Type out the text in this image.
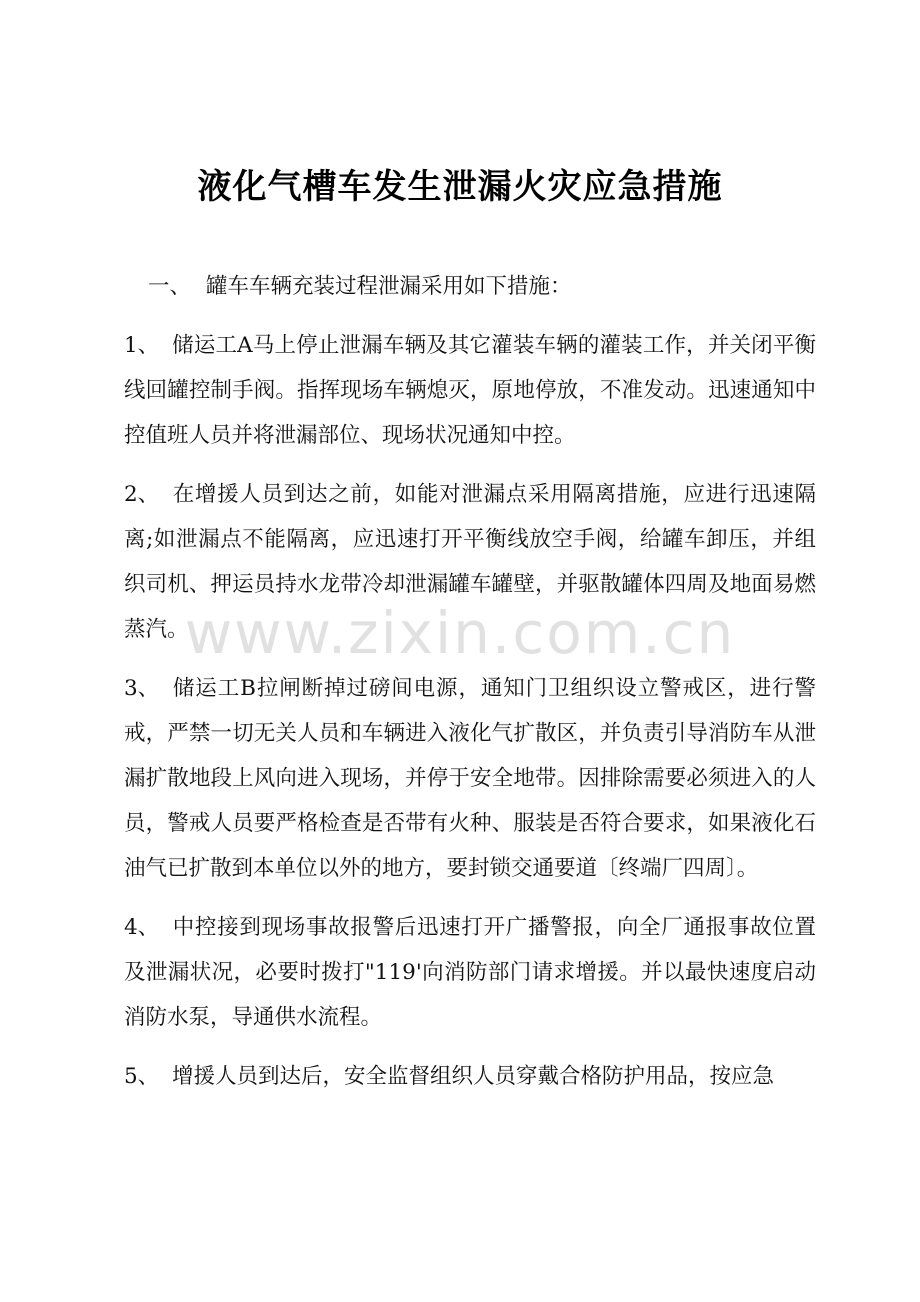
液化气槽车发生泄漏火灾应急措施

一、 罐车车辆充装过程泄漏采用如下措施：

1、 储运工A马上停止泄漏车辆及其它灌装车辆的灌装工作，并关闭平衡线回罐控制手阀。指挥现场车辆熄灭，原地停放，不准发动。迅速通知中控值班人员并将泄漏部位、现场状况通知中控。

2、 在增援人员到达之前，如能对泄漏点采用隔离措施，应进行迅速隔离;如泄漏点不能隔离，应迅速打开平衡线放空手阀，给罐车卸压，并组织司机、押运员持水龙带冷却泄漏罐车罐壁，并驱散罐体四周及地面易燃蒸汽。

3、 储运工B拉闸断掉过磅间电源，通知门卫组织设立警戒区，进行警戒，严禁一切无关人员和车辆进入液化气扩散区，并负责引导消防车从泄漏扩散地段上风向进入现场，并停于安全地带。因排除需要必须进入的人员，警戒人员要严格检查是否带有火种、服装是否符合要求，如果液化石油气已扩散到本单位以外的地方，要封锁交通要道〔终端厂四周〕。

4、 中控接到现场事故报警后迅速打开广播警报，向全厂通报事故位置及泄漏状况，必要时拨打"119'向消防部门请求增援。并以最快速度启动消防水泵，导通供水流程。

5、 增援人员到达后，安全监督组织人员穿戴合格防护用品，按应急

www.zixin.com.cn
